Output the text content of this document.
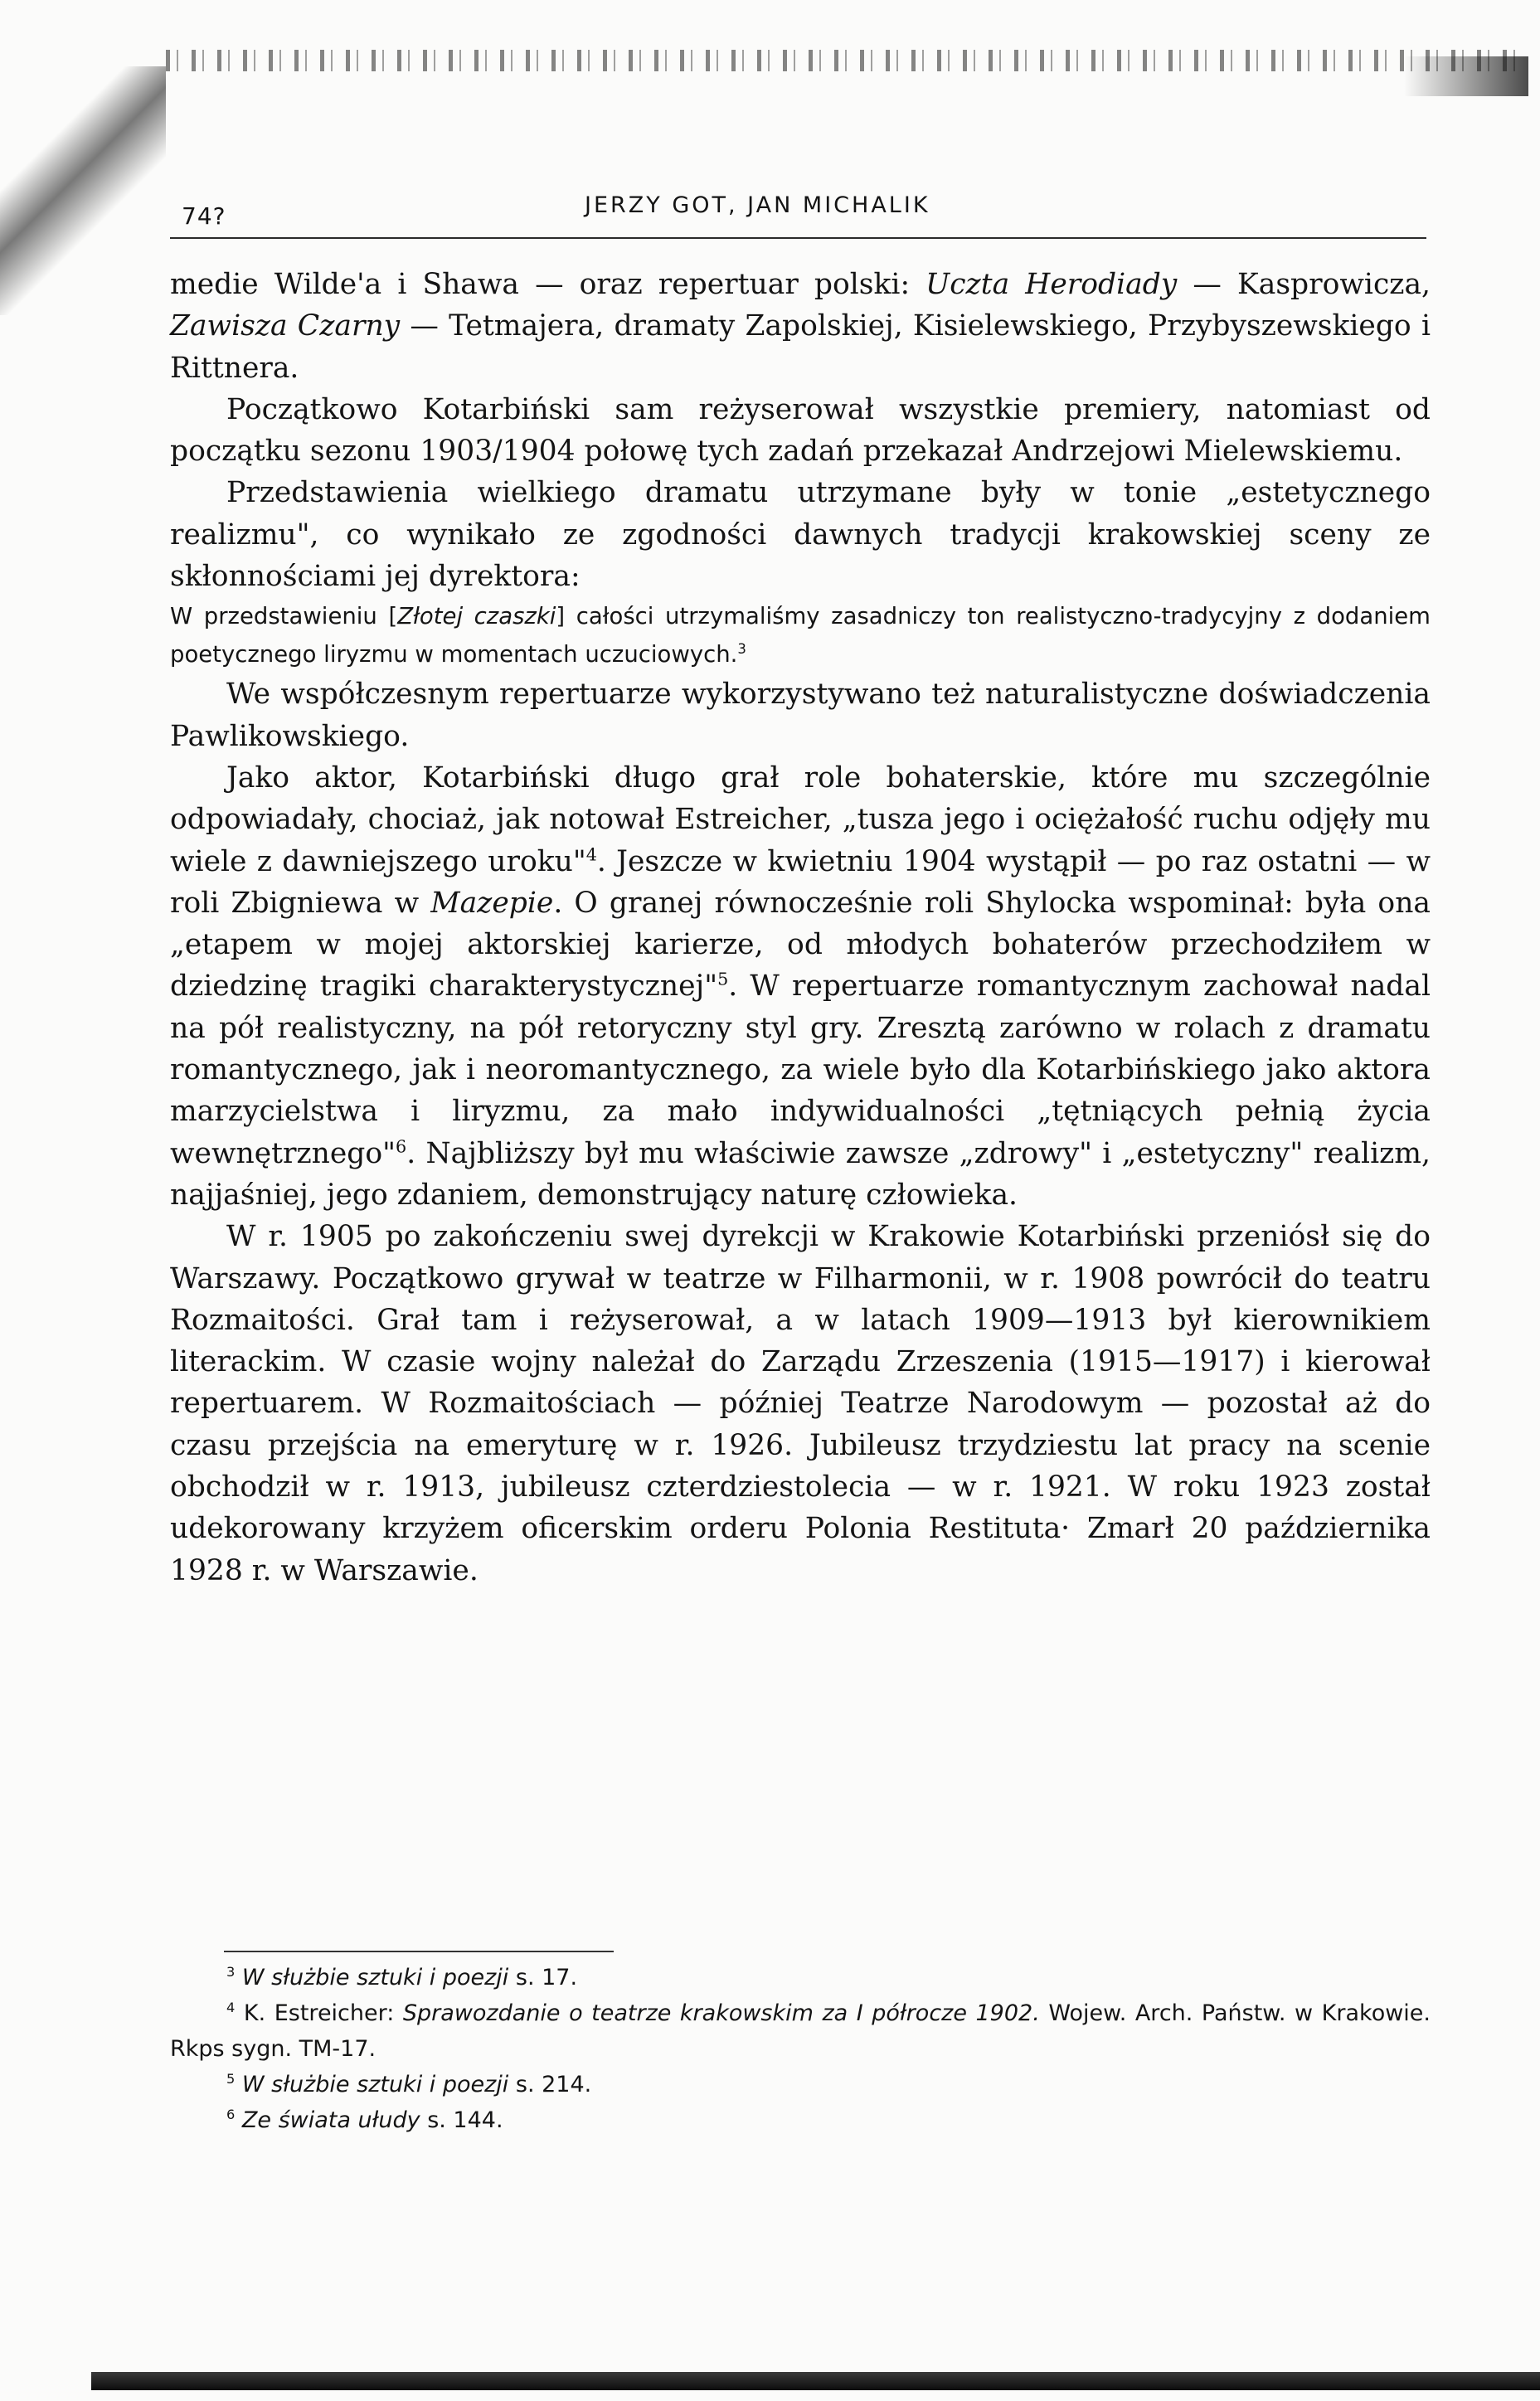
74?	JERZY GOT, JAN MICHALIK

medie Wilde'a i Shawa — oraz repertuar polski: Uczta Herodiady — Kasprowicza, Zawisza Czarny — Tetmajera, dramaty Zapolskiej, Kisielewskiego, Przybyszewskiego i Rittnera.

Początkowo Kotarbiński sam reżyserował wszystkie premiery, natomiast od początku sezonu 1903/1904 połowę tych zadań przekazał Andrzejowi Mielewskiemu.

Przedstawienia wielkiego dramatu utrzymane były w tonie „estetycznego realizmu", co wynikało ze zgodności dawnych tradycji krakowskiej sceny ze skłonnościami jej dyrektora:

W przedstawieniu [Złotej czaszki] całości utrzymaliśmy zasadniczy ton realistyczno-tradycyjny z dodaniem poetycznego liryzmu w momentach uczuciowych.$^3$

We współczesnym repertuarze wykorzystywano też naturalistyczne doświadczenia Pawlikowskiego.

Jako aktor, Kotarbiński długo grał role bohaterskie, które mu szczególnie odpowiadały, chociaż, jak notował Estreicher, „tusza jego i ociężałość ruchu odjęły mu wiele z dawniejszego uroku"$^4$. Jeszcze w kwietniu 1904 wystąpił — po raz ostatni — w roli Zbigniewa w Mazepie. O granej równocześnie roli Shylocka wspominał: była ona „etapem w mojej aktorskiej karierze, od młodych bohaterów przechodziłem w dziedzinę tragiki charakterystycznej"$^5$. W repertuarze romantycznym zachował nadal na pół realistyczny, na pół retoryczny styl gry. Zresztą zarówno w rolach z dramatu romantycznego, jak i neoromantycznego, za wiele było dla Kotarbińskiego jako aktora marzycielstwa i liryzmu, za mało indywidualności „tętniących pełnią życia wewnętrznego"$^6$. Najbliższy był mu właściwie zawsze „zdrowy" i „estetyczny" realizm, najjaśniej, jego zdaniem, demonstrujący naturę człowieka.

W r. 1905 po zakończeniu swej dyrekcji w Krakowie Kotarbiński przeniósł się do Warszawy. Początkowo grywał w teatrze w Filharmonii, w r. 1908 powrócił do teatru Rozmaitości. Grał tam i reżyserował, a w latach 1909—1913 był kierownikiem literackim. W czasie wojny należał do Zarządu Zrzeszenia (1915—1917) i kierował repertuarem. W Rozmaitościach — później Teatrze Narodowym — pozostał aż do czasu przejścia na emeryturę w r. 1926. Jubileusz trzydziestu lat pracy na scenie obchodził w r. 1913, jubileusz czterdziestolecia — w r. 1921. W roku 1923 został udekorowany krzyżem oficerskim orderu Polonia Restituta· Zmarł 20 października 1928 r. w Warszawie.

$^3$ W służbie sztuki i poezji s. 17.

$^4$ K. Estreicher: Sprawozdanie o teatrze krakowskim za I półrocze 1902. Wojew. Arch. Państw. w Krakowie. Rkps sygn. TM-17.

$^5$ W służbie sztuki i poezji s. 214.

$^6$ Ze świata ułudy s. 144.
